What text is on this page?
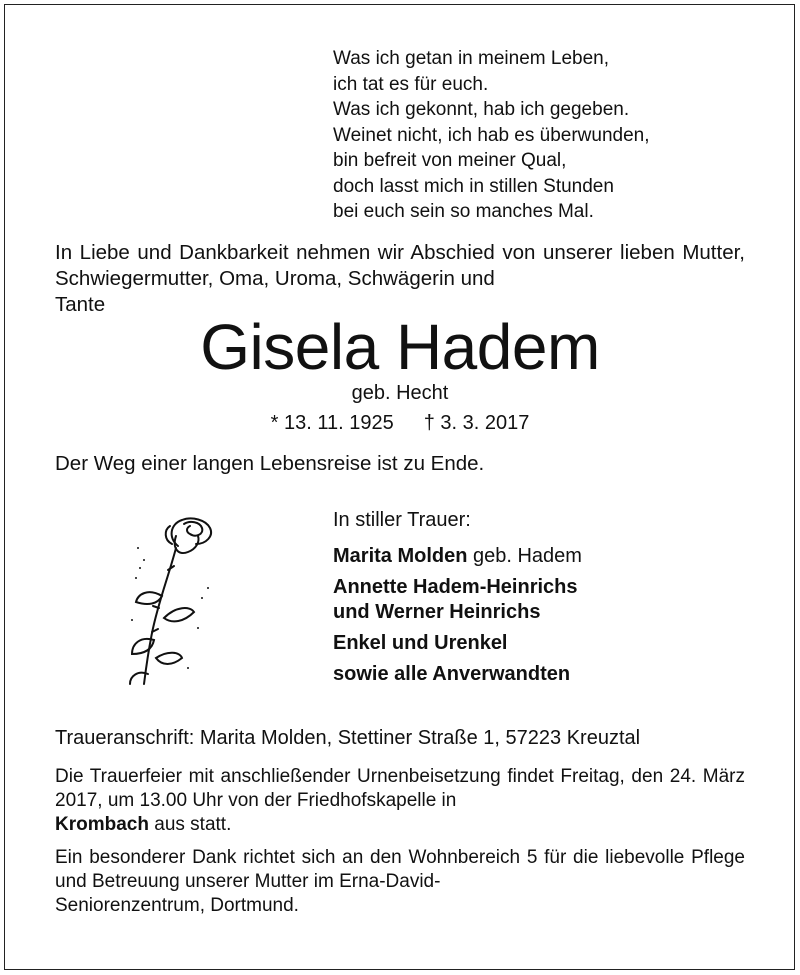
Was ich getan in meinem Leben,
ich tat es für euch.
Was ich gekonnt, hab ich gegeben.
Weinet nicht, ich hab es überwunden,
bin befreit von meiner Qual,
doch lasst mich in stillen Stunden
bei euch sein so manches Mal.
In Liebe und Dankbarkeit nehmen wir Abschied von unserer lieben Mutter, Schwiegermutter, Oma, Uroma, Schwägerin und
Tante
Gisela Hadem
geb. Hecht
* 13. 11. 1925 † 3. 3. 2017
Der Weg einer langen Lebensreise ist zu Ende.
In stiller Trauer:
Marita Molden geb. Hadem
Annette Hadem-Heinrichs
und Werner Heinrichs
Enkel und Urenkel
sowie alle Anverwandten
Traueranschrift: Marita Molden, Stettiner Straße 1, 57223 Kreuztal
Die Trauerfeier mit anschließender Urnenbeisetzung findet Freitag, den 24. März 2017, um 13.00 Uhr von der Friedhofskapelle in
Krombach aus statt.
Ein besonderer Dank richtet sich an den Wohnbereich 5 für die liebevolle Pflege und Betreuung unserer Mutter im Erna-David-
Seniorenzentrum, Dortmund.
